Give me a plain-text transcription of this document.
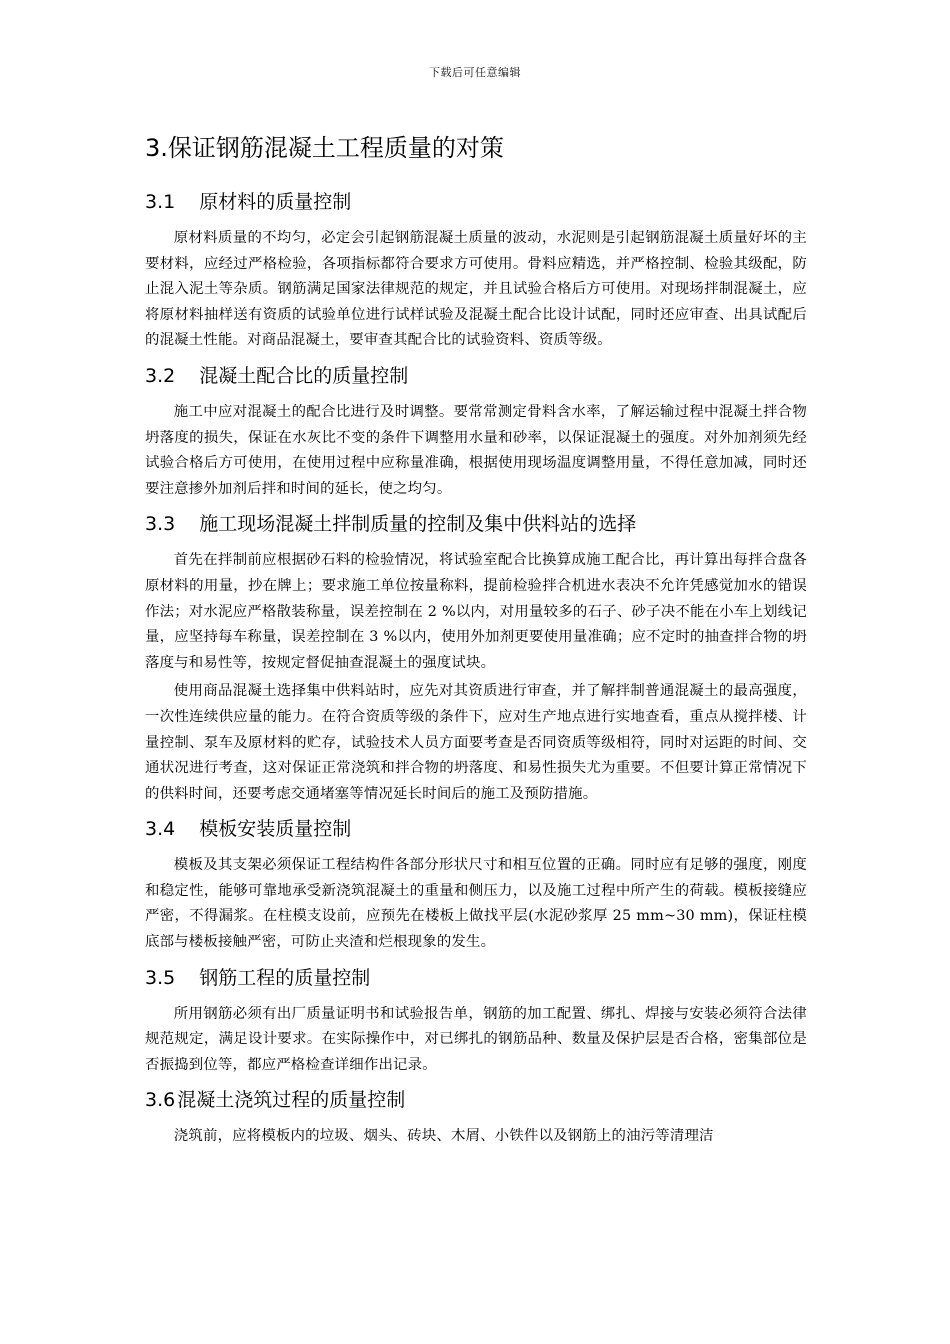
下载后可任意编辑
3.保证钢筋混凝土工程质量的对策
3.1 原材料的质量控制

原材料质量的不均匀，必定会引起钢筋混凝土质量的波动，水泥则是引起钢筋混凝土质量好坏的主要材料，应经过严格检验，各项指标都符合要求方可使用。骨料应精选，并严格控制、检验其级配，防止混入泥土等杂质。钢筋满足国家法律规范的规定，并且试验合格后方可使用。对现场拌制混凝土，应将原材料抽样送有资质的试验单位进行试样试验及混凝土配合比设计试配，同时还应审查、出具试配后的混凝土性能。对商品混凝土，要审查其配合比的试验资料、资质等级。

3.2 混凝土配合比的质量控制

施工中应对混凝土的配合比进行及时调整。要常常测定骨料含水率，了解运输过程中混凝土拌合物坍落度的损失，保证在水灰比不变的条件下调整用水量和砂率，以保证混凝土的强度。对外加剂须先经试验合格后方可使用，在使用过程中应称量准确，根据使用现场温度调整用量，不得任意加减，同时还要注意掺外加剂后拌和时间的延长，使之均匀。

3.3 施工现场混凝土拌制质量的控制及集中供料站的选择

首先在拌制前应根据砂石料的检验情况，将试验室配合比换算成施工配合比，再计算出每拌合盘各原材料的用量，抄在牌上；要求施工单位按量称料，提前检验拌合机进水表决不允许凭感觉加水的错误作法；对水泥应严格散装称量，误差控制在 2 %以内，对用量较多的石子、砂子决不能在小车上划线记量，应坚持每车称量，误差控制在 3 %以内，使用外加剂更要使用量准确；应不定时的抽查拌合物的坍落度与和易性等，按规定督促抽查混凝土的强度试块。

使用商品混凝土选择集中供料站时，应先对其资质进行审查，并了解拌制普通混凝土的最高强度，一次性连续供应量的能力。在符合资质等级的条件下，应对生产地点进行实地查看，重点从搅拌楼、计量控制、泵车及原材料的贮存，试验技术人员方面要考查是否同资质等级相符，同时对运距的时间、交通状况进行考查，这对保证正常浇筑和拌合物的坍落度、和易性损失尤为重要。不但要计算正常情况下的供料时间，还要考虑交通堵塞等情况延长时间后的施工及预防措施。

3.4 模板安装质量控制

模板及其支架必须保证工程结构件各部分形状尺寸和相互位置的正确。同时应有足够的强度，刚度和稳定性，能够可靠地承受新浇筑混凝土的重量和侧压力，以及施工过程中所产生的荷载。模板接缝应严密，不得漏浆。在柱模支设前，应预先在楼板上做找平层(水泥砂浆厚 25 mm~30 mm)，保证柱模底部与楼板接触严密，可防止夹渣和烂根现象的发生。

3.5 钢筋工程的质量控制

所用钢筋必须有出厂质量证明书和试验报告单，钢筋的加工配置、绑扎、焊接与安装必须符合法律规范规定，满足设计要求。在实际操作中，对已绑扎的钢筋品种、数量及保护层是否合格，密集部位是否振捣到位等，都应严格检查详细作出记录。

3.6 混凝土浇筑过程的质量控制

浇筑前，应将模板内的垃圾、烟头、砖块、木屑、小铁件以及钢筋上的油污等清理洁
